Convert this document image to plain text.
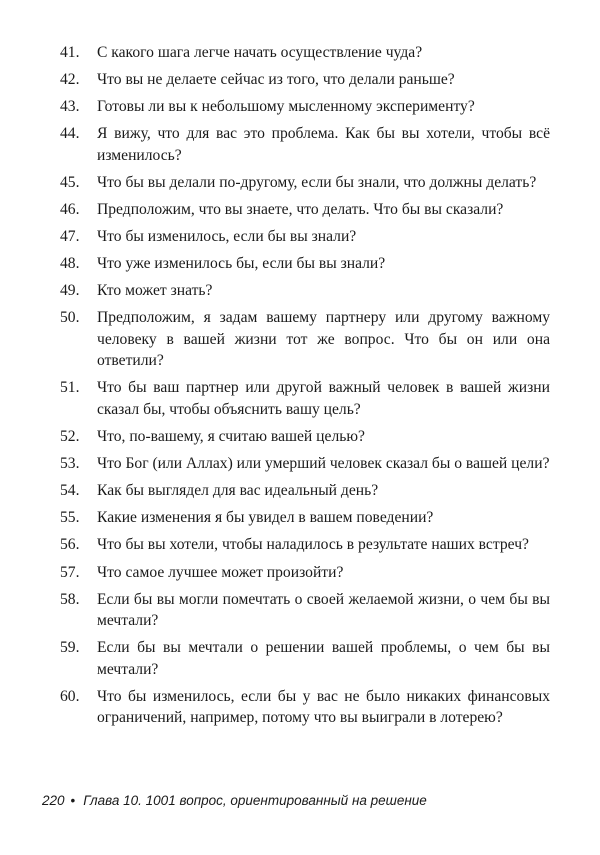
41.	С какого шага легче начать осуществление чуда?
42.	Что вы не делаете сейчас из того, что делали раньше?
43.	Готовы ли вы к небольшому мысленному эксперименту?
44.	Я вижу, что для вас это проблема. Как бы вы хотели, чтобы всё изменилось?
45.	Что бы вы делали по-другому, если бы знали, что должны делать?
46.	Предположим, что вы знаете, что делать. Что бы вы сказали?
47.	Что бы изменилось, если бы вы знали?
48.	Что уже изменилось бы, если бы вы знали?
49.	Кто может знать?
50.	Предположим, я задам вашему партнеру или другому важному человеку в вашей жизни тот же вопрос. Что бы он или она ответили?
51.	Что бы ваш партнер или другой важный человек в вашей жизни сказал бы, чтобы объяснить вашу цель?
52.	Что, по-вашему, я считаю вашей целью?
53.	Что Бог (или Аллах) или умерший человек сказал бы о вашей цели?
54.	Как бы выглядел для вас идеальный день?
55.	Какие изменения я бы увидел в вашем поведении?
56.	Что бы вы хотели, чтобы наладилось в результате наших встреч?
57.	Что самое лучшее может произойти?
58.	Если бы вы могли помечтать о своей желаемой жизни, о чем бы вы мечтали?
59.	Если бы вы мечтали о решении вашей проблемы, о чем бы вы мечтали?
60.	Что бы изменилось, если бы у вас не было никаких финансовых ограничений, например, потому что вы выиграли в лотерею?
220 • Глава 10. 1001 вопрос, ориентированный на решение
